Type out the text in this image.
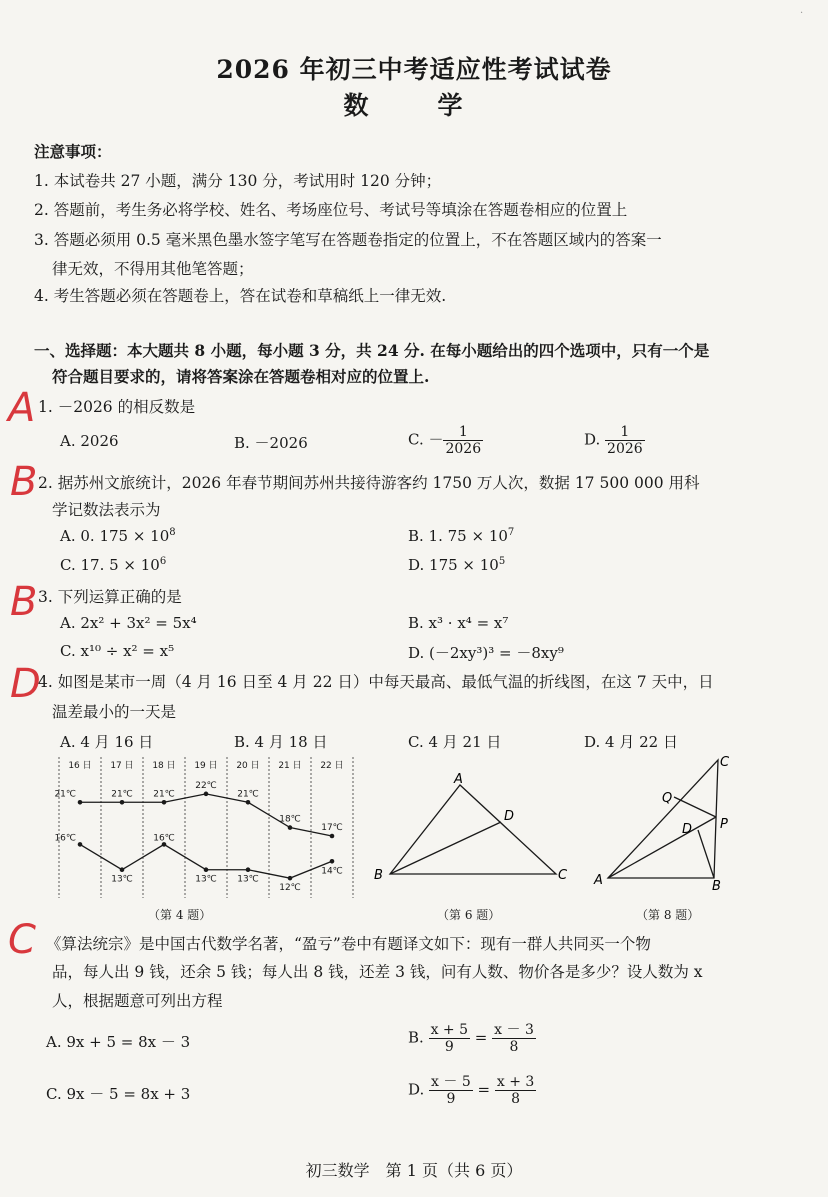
·
2026 年初三中考适应性考试试卷
数　学
注意事项：
1. 本试卷共 27 小题，满分 130 分，考试用时 120 分钟；
2. 答题前，考生务必将学校、姓名、考场座位号、考试号等填涂在答题卷相应的位置上
3. 答题必须用 0.5 毫米黑色墨水签字笔写在答题卷指定的位置上，不在答题区域内的答案一
律无效，不得用其他笔答题；
4. 考生答题必须在答题卷上，答在试卷和草稿纸上一律无效.
一、选择题：本大题共 8 小题，每小题 3 分，共 24 分. 在每小题给出的四个选项中，只有一个是
符合题目要求的，请将答案涂在答题卷相对应的位置上.
A 1. －2026 的相反数是
A. 2026	B. －2026	C. － $\frac{1}{2026}$	D. $\frac{1}{2026}$
B 2. 据苏州文旅统计，2026 年春节期间苏州共接待游客约 1750 万人次，数据 17 500 000 用科
学记数法表示为
A. 0. $175 \times 10^8$	B. 1. $75 \times 10^7$
C. 17. $5 \times 10^6$	D. $175 \times 10^5$
B 3. 下列运算正确的是
A. 2x² + 3x² = 5x⁴	B. x³ · x⁴ = x⁷
C. x¹⁰ ÷ x² = x⁵	D. (－2xy³)³ = －8xy⁹
D
4. 如图是某市一周（4 月 16 日至 4 月 22 日）中每天最高、最低气温的折线图，在这 7 天中，日
温差最小的一天是
A. 4 月 16 日	B. 4 月 18 日	C. 4 月 21 日	D. 4 月 22 日
16 日 17 日 18 日 19 日 20 日 21 日 22 日
21℃	21℃ 21℃
22℃
21℃
18℃
17℃
16℃
13℃
16℃
13℃ 13℃
12℃
14℃
（第 4 题）
A
B	C
D
（第 6 题）
C
A	B
P
Q
D
（第 8 题）
C 《算法统宗》是中国古代数学名著，“盈亏”卷中有题译文如下：现有一群人共同买一个物
品，每人出 9 钱，还余 5 钱；每人出 8 钱，还差 3 钱，问有人数、物价各是多少？设人数为 x
人，根据题意可列出方程
A. 9x + 5 = 8x － 3	B. $\frac{x + 5}{9} = \frac{x - 3}{8}$
C. 9x － 5 = 8x + 3	D. $\frac{x - 5}{9} = \frac{x + 3}{8}$
初三数学　第 1 页（共 6 页）
